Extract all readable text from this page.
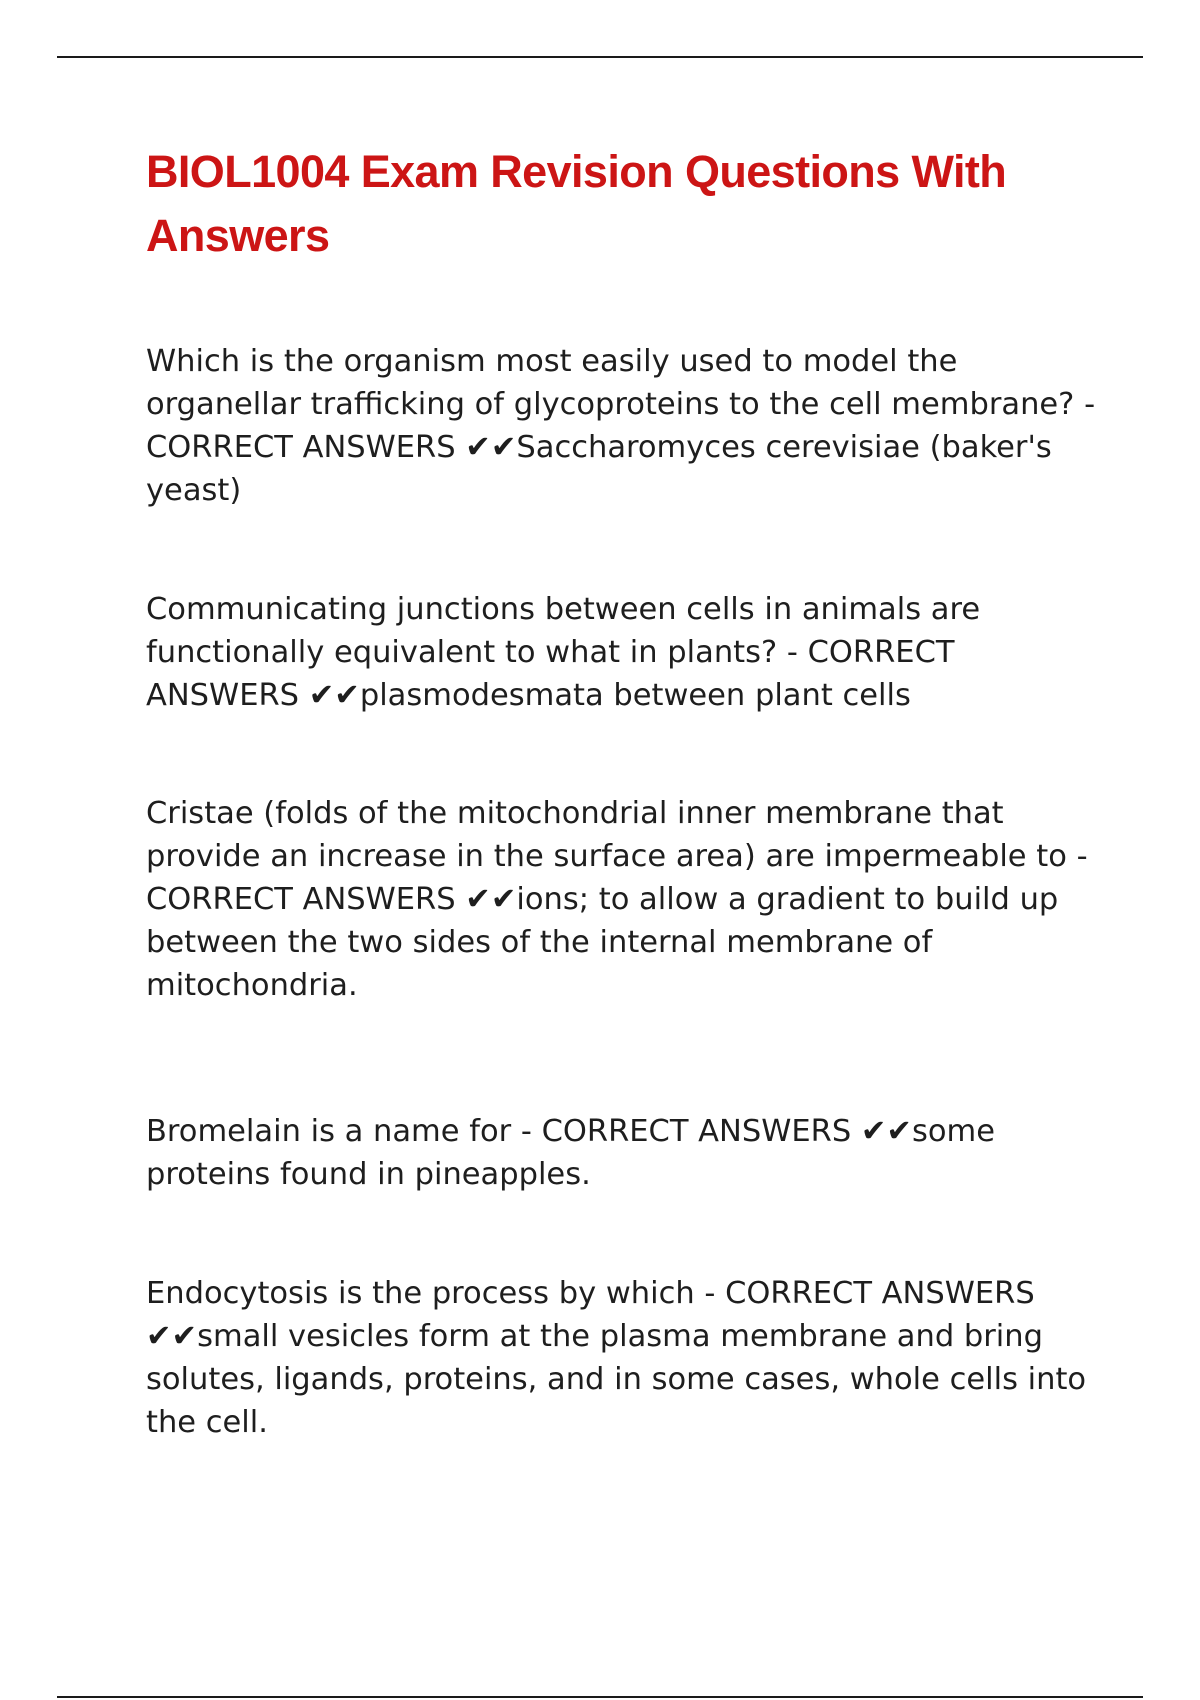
BIOL1004 Exam Revision Questions With Answers

Which is the organism most easily used to model the organellar trafficking of glycoproteins to the cell membrane? - CORRECT ANSWERS ✔✔Saccharomyces cerevisiae (baker's yeast)

Communicating junctions between cells in animals are functionally equivalent to what in plants? - CORRECT ANSWERS ✔✔plasmodesmata between plant cells

Cristae (folds of the mitochondrial inner membrane that provide an increase in the surface area) are impermeable to - CORRECT ANSWERS ✔✔ions; to allow a gradient to build up between the two sides of the internal membrane of mitochondria.

Bromelain is a name for - CORRECT ANSWERS ✔✔some proteins found in pineapples.

Endocytosis is the process by which - CORRECT ANSWERS ✔✔small vesicles form at the plasma membrane and bring solutes, ligands, proteins, and in some cases, whole cells into the cell.
